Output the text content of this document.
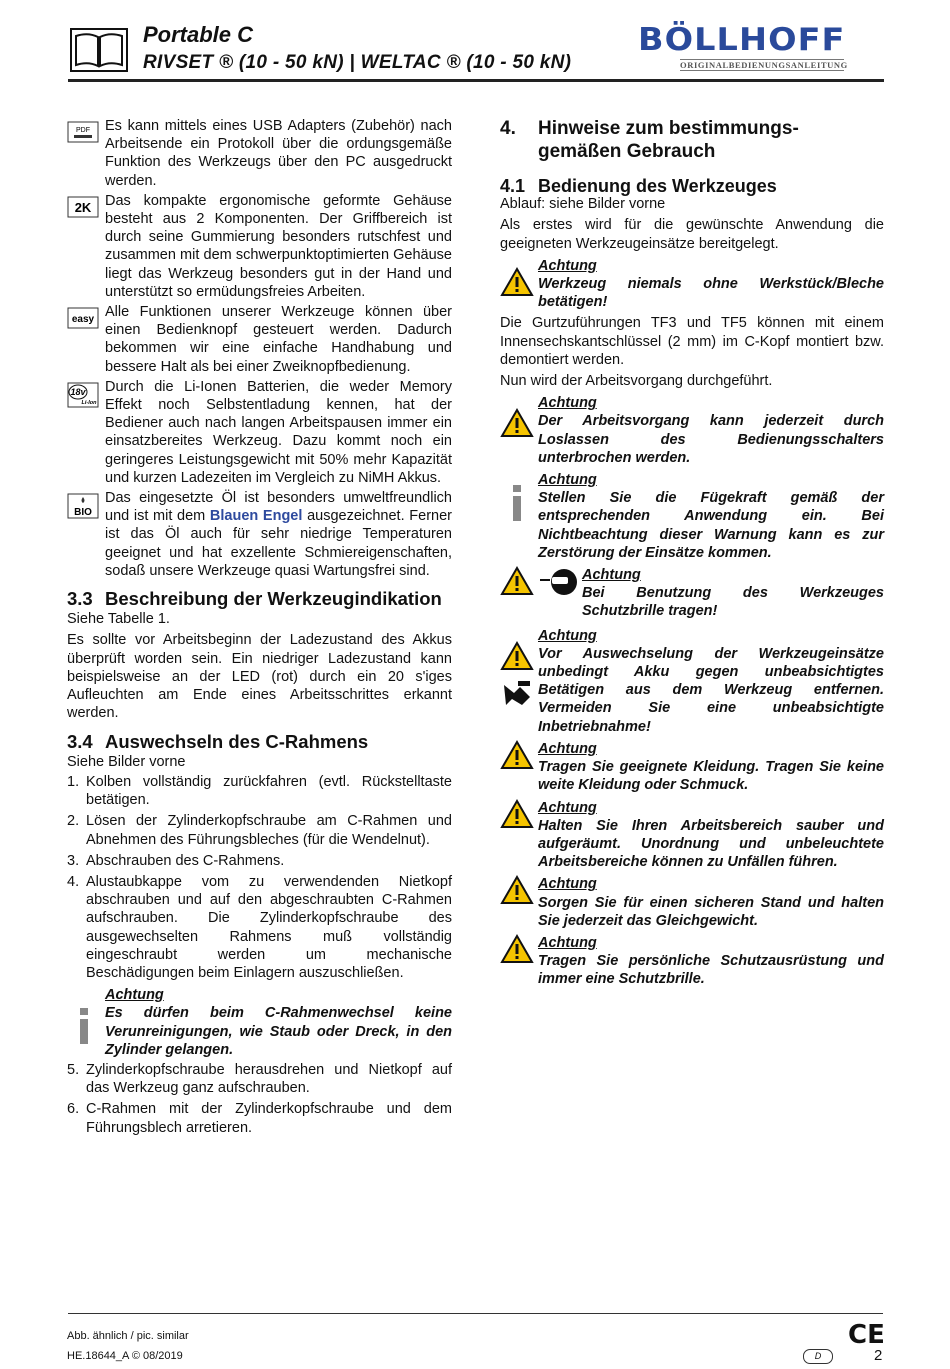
Portable C
RIVSET ® (10 - 50 kN) | WELTAC ® (10 - 50 kN)
BÖLLHOFF
ORIGINALBEDIENUNGSANLEITUNG
PDF Es kann mittels eines USB Adapters (Zubehör) nach Arbeitsende ein Protokoll über die ordungsgemäße Funktion des Werkzeugs über den PC ausgedruckt werden.
2K Das kompakte ergonomische geformte Gehäuse besteht aus 2 Komponenten. Der Griffbereich ist durch seine Gummierung besonders rutschfest und zusammen mit dem schwerpunktoptimierten Gehäuse liegt das Werkzeug besonders gut in der Hand und unterstützt so ermüdungsfreies Arbeiten.
easy Alle Funktionen unserer Werkzeuge können über einen Bedienknopf gesteuert werden. Dadurch bekommen wir eine einfache Handhabung und bessere Halt als bei einer Zweiknopfbedienung.
18v
Li-Ion
Durch die Li-Ionen Batterien, die weder Memory Effekt noch Selbstentladung kennen, hat der Bediener auch nach langen Arbeitspausen immer ein einsatzbereites Werkzeug. Dazu kommt noch ein geringeres Leistungsgewicht mit 50% mehr Kapazität und kurzen Ladezeiten im Vergleich zu NiMH Akkus.
BIO
Das eingesetzte Öl ist besonders umweltfreundlich und ist mit dem Blauen Engel ausgezeichnet. Ferner ist das Öl auch für sehr niedrige Temperaturen geeignet und hat exzellente Schmiereigenschaften, sodaß unsere Werkzeuge quasi Wartungsfrei sind.
3.3 Beschreibung der Werkzeugindikation

Siehe Tabelle 1.

Es sollte vor Arbeitsbeginn der Ladezustand des Akkus überprüft worden sein. Ein niedriger Ladezustand kann beispielsweise an der LED (rot) durch ein 20 s'iges Aufleuchten am Ende eines Arbeitsschrittes erkannt werden.

3.4 Auswechseln des C-Rahmens

Siehe Bilder vorne

1. Kolben vollständig zurückfahren (evtl. Rückstelltaste betätigen.
2. Lösen der Zylinderkopfschraube am C-Rahmen und Abnehmen des Führungsbleches (für die Wendelnut).
3. Abschrauben des C-Rahmens.
4. Alustaubkappe vom zu verwendenden Nietkopf abschrauben und auf den abgeschraubten C-Rahmen aufschrauben. Die Zylinderkopfschraube des ausgewechselten Rahmens muß vollständig eingeschraubt werden um mechanische Beschädigungen beim Einlagern auszuschließen.
Achtung
Es dürfen beim C-Rahmenwechsel keine Verunreinigungen, wie Staub oder Dreck, in den Zylinder gelangen.
5. Zylinderkopfschraube herausdrehen und Nietkopf auf das Werkzeug ganz aufschrauben.
6. C-Rahmen mit der Zylinderkopfschraube und dem Führungsblech arretieren.
4. Hinweise zum bestimmungs-
gemäßen Gebrauch
4.1 Bedienung des Werkzeuges

Ablauf: siehe Bilder vorne

Als erstes wird für die gewünschte Anwendung die geeigneten Werkzeugeinsätze bereitgelegt.

Achtung
Werkzeug niemals ohne Werkstück/Bleche betätigen!

Die Gurtzuführungen TF3 und TF5 können mit einem Innensechskantschlüssel (2 mm) im C-Kopf montiert bzw. demontiert werden.

Nun wird der Arbeitsvorgang durchgeführt.

Achtung
Der Arbeitsvorgang kann jederzeit durch Loslassen des Bedienungsschalters unterbrochen werden.
Achtung
Stellen Sie die Fügekraft gemäß der entsprechenden Anwendung ein. Bei Nichtbeachtung dieser Warnung kann es zur Zerstörung der Einsätze kommen.
Achtung
Bei Benutzung des Werkzeuges Schutzbrille tragen!
Achtung
Vor Auswechselung der Werkzeugeinsätze unbedingt Akku gegen unbeabsichtigtes Betätigen aus dem Werkzeug entfernen. Vermeiden Sie eine unbeabsichtigte Inbetriebnahme!
Achtung
Tragen Sie geeignete Kleidung. Tragen Sie keine weite Kleidung oder Schmuck.
Achtung
Halten Sie Ihren Arbeitsbereich sauber und aufgeräumt. Unordnung und unbeleuchtete Arbeitsbereiche können zu Unfällen führen.
Achtung
Sorgen Sie für einen sicheren Stand und halten Sie jederzeit das Gleichgewicht.
Achtung
Tragen Sie persönliche Schutzausrüstung und immer eine Schutzbrille.
Abb. ähnlich / pic. similar
HE.18644_A © 08/2019
CE
D	2
